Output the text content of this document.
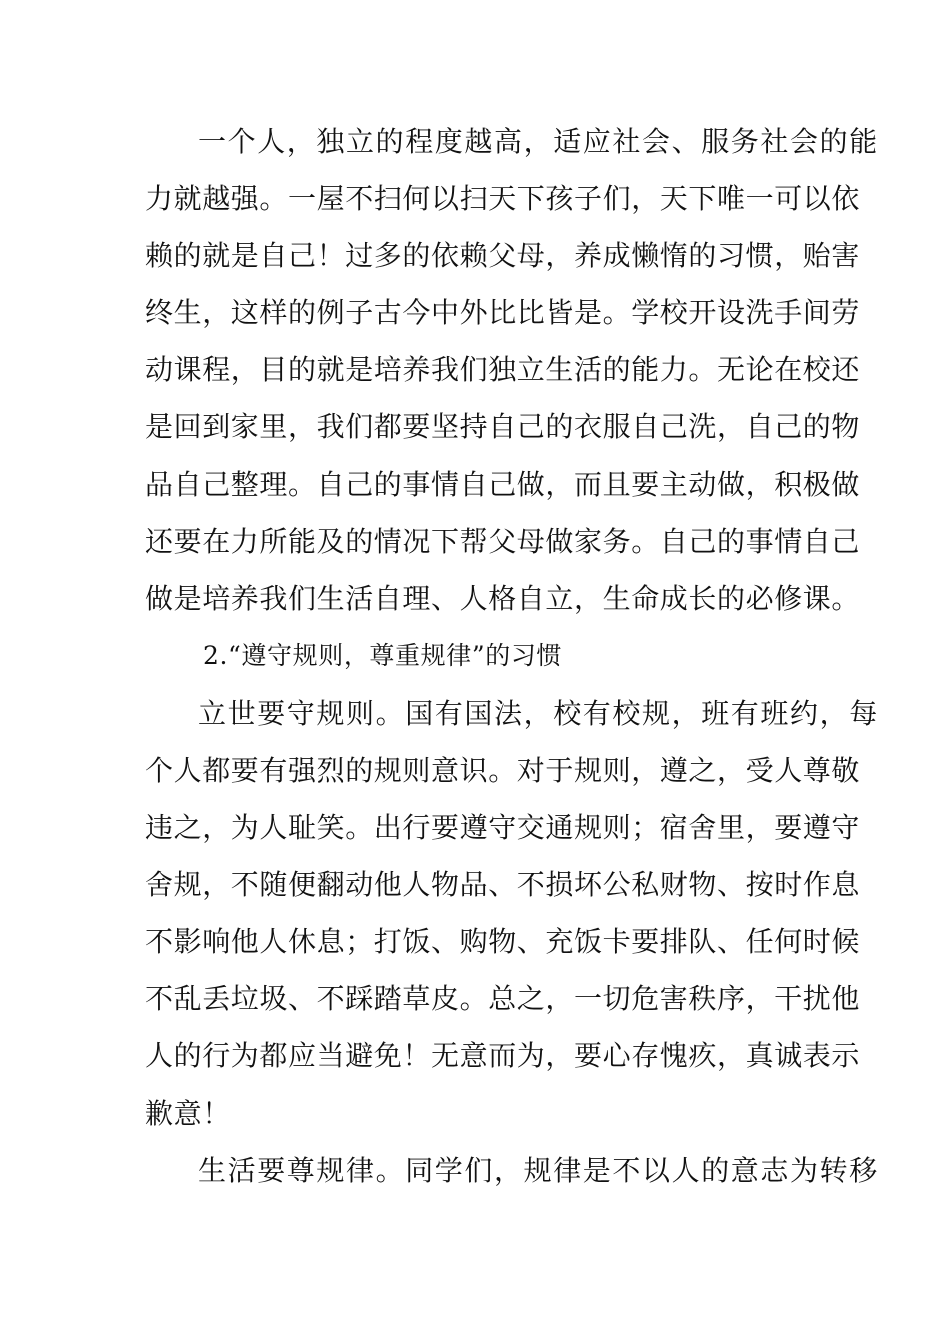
一个人，独立的程度越高，适应社会、服务社会的能
力就越强。一屋不扫何以扫天下孩子们，天下唯一可以依
赖的就是自己！过多的依赖父母，养成懒惰的习惯，贻害
终生，这样的例子古今中外比比皆是。学校开设洗手间劳
动课程，目的就是培养我们独立生活的能力。无论在校还
是回到家里，我们都要坚持自己的衣服自己洗，自己的物
品自己整理。自己的事情自己做，而且要主动做，积极做
还要在力所能及的情况下帮父母做家务。自己的事情自己
做是培养我们生活自理、人格自立，生命成长的必修课。
2.“遵守规则，尊重规律”的习惯
立世要守规则。国有国法，校有校规，班有班约，每
个人都要有强烈的规则意识。对于规则，遵之，受人尊敬
违之，为人耻笑。出行要遵守交通规则；宿舍里，要遵守
舍规，不随便翻动他人物品、不损坏公私财物、按时作息
不影响他人休息；打饭、购物、充饭卡要排队、任何时候
不乱丢垃圾、不踩踏草皮。总之，一切危害秩序，干扰他
人的行为都应当避免！无意而为，要心存愧疚，真诚表示
歉意！
生活要尊规律。同学们，规律是不以人的意志为转移
